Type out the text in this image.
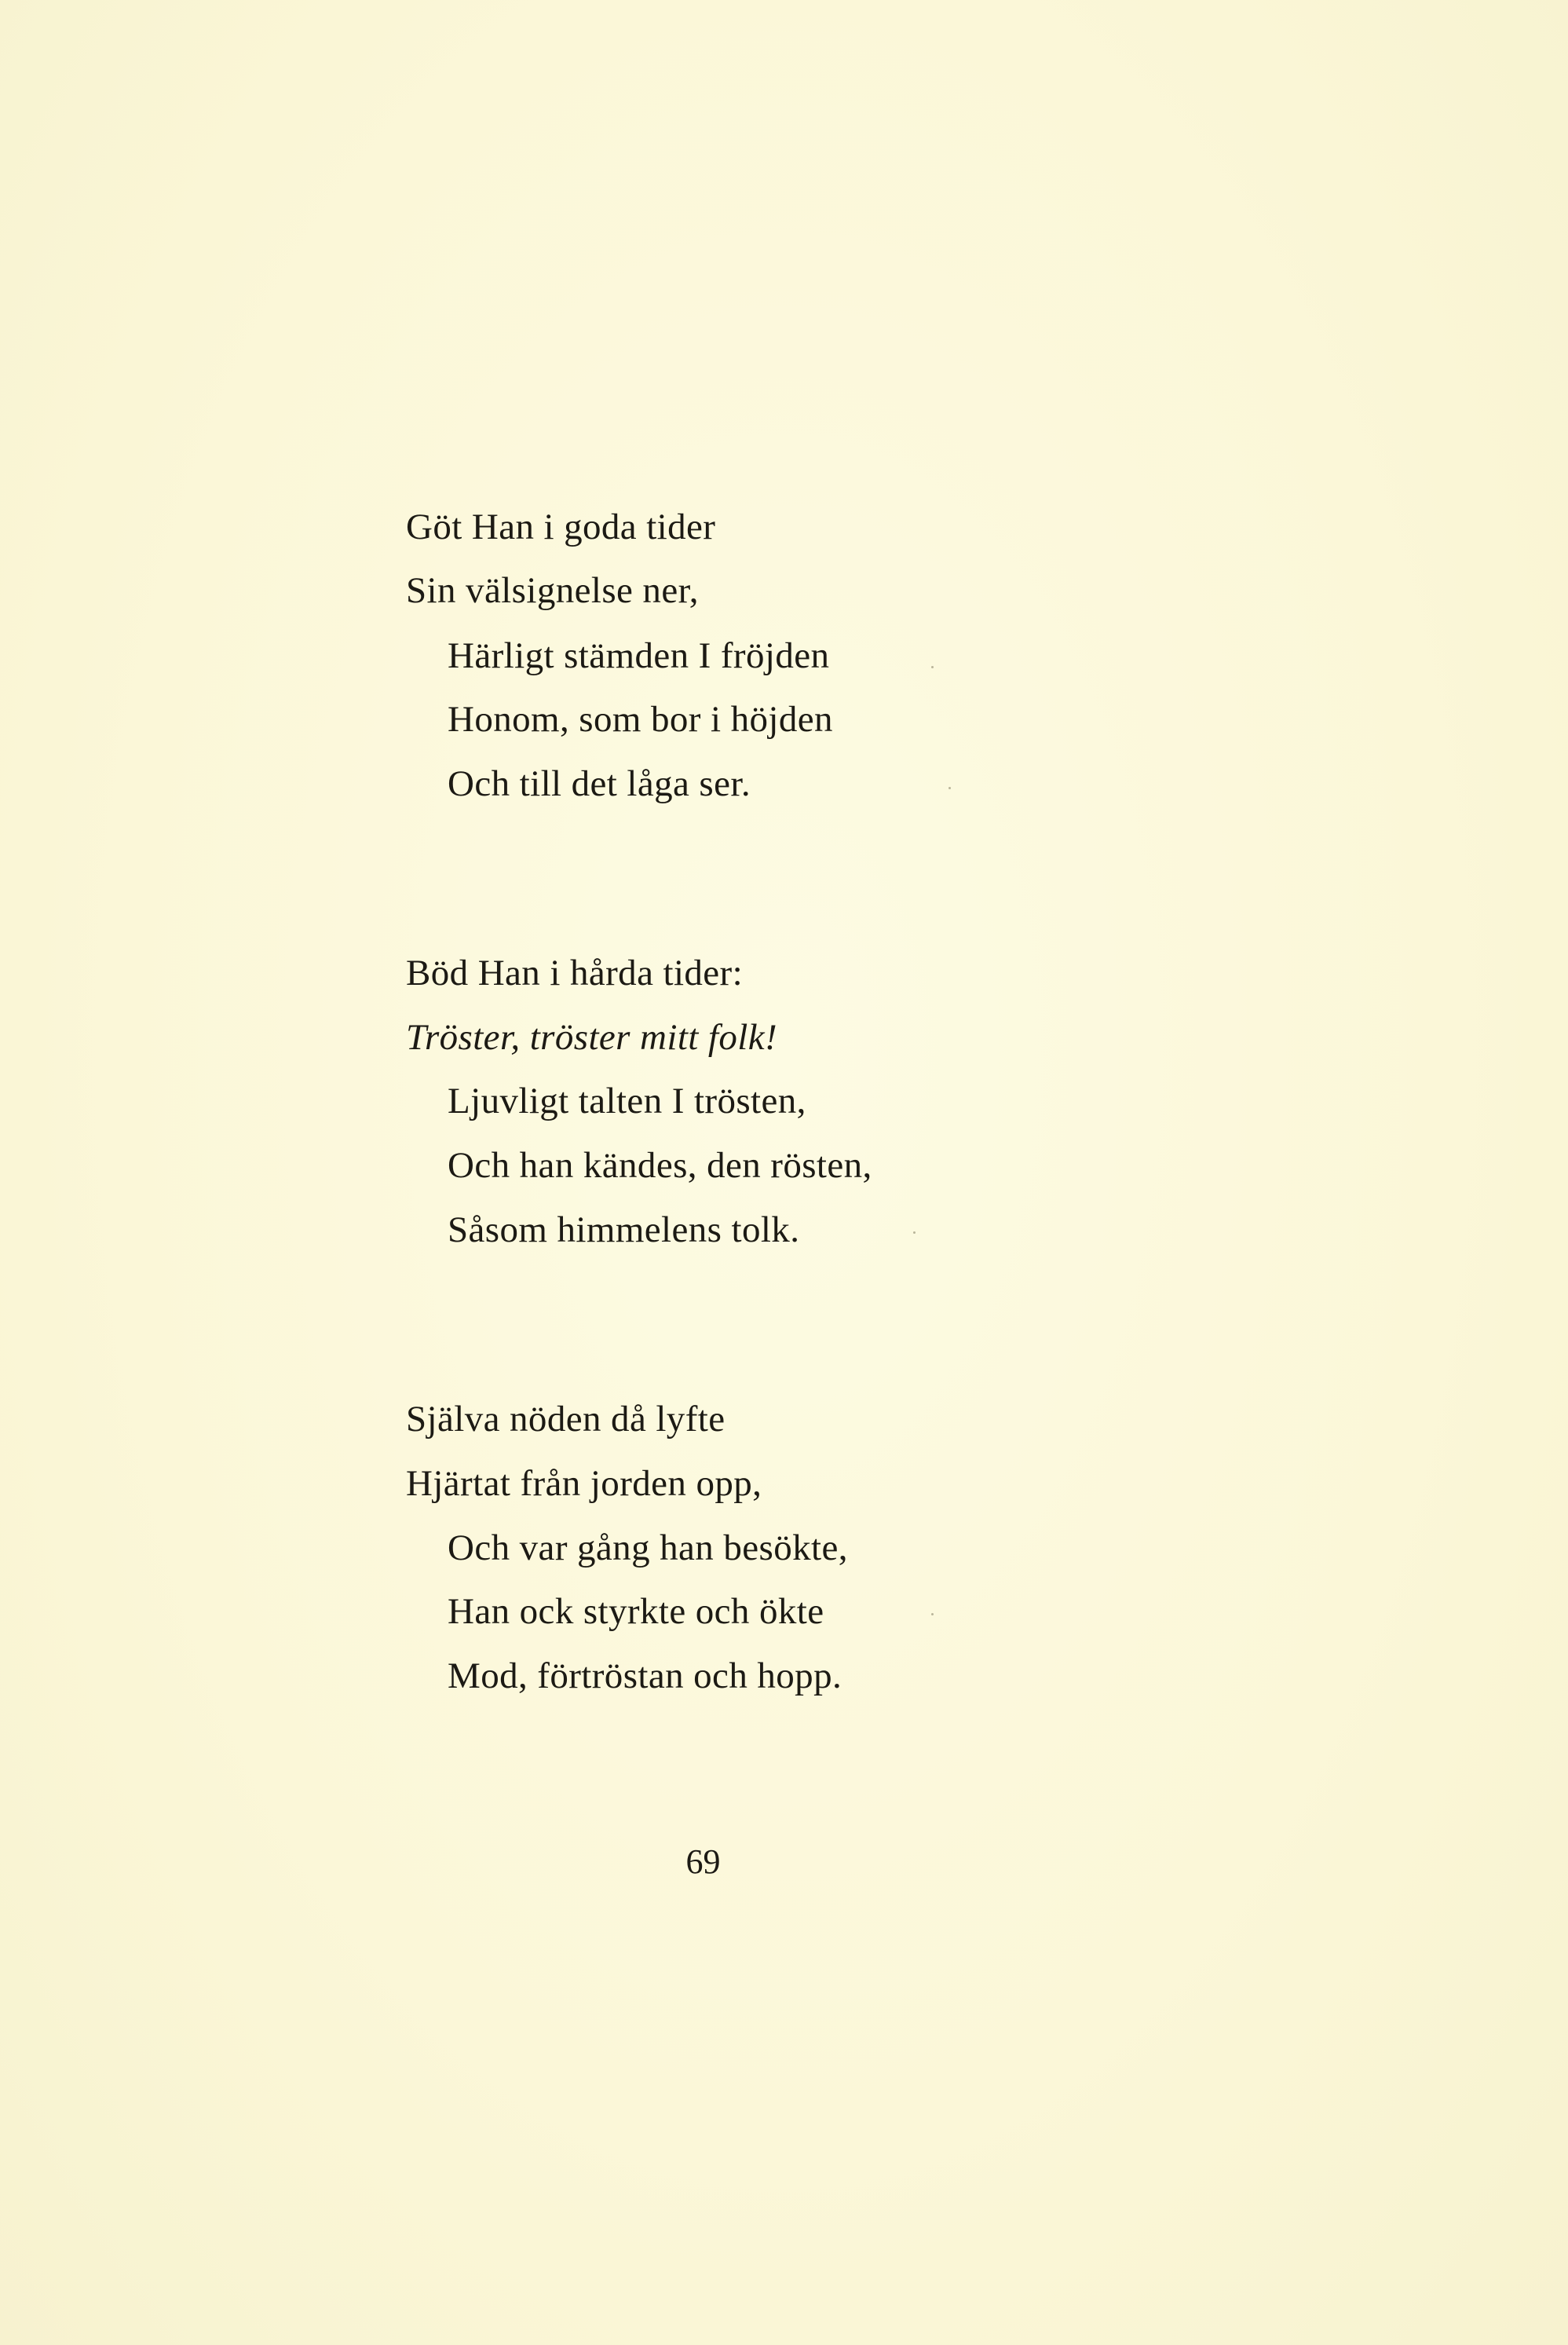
Göt Han i goda tider
Sin välsignelse ner,
Härligt stämden I fröjden
Honom, som bor i höjden
Och till det låga ser.
Böd Han i hårda tider:
Tröster, tröster mitt folk!
Ljuvligt talten I trösten,
Och han kändes, den rösten,
Såsom himmelens tolk.
Själva nöden då lyfte
Hjärtat från jorden opp,
Och var gång han besökte,
Han ock styrkte och ökte
Mod, förtröstan och hopp.
69
